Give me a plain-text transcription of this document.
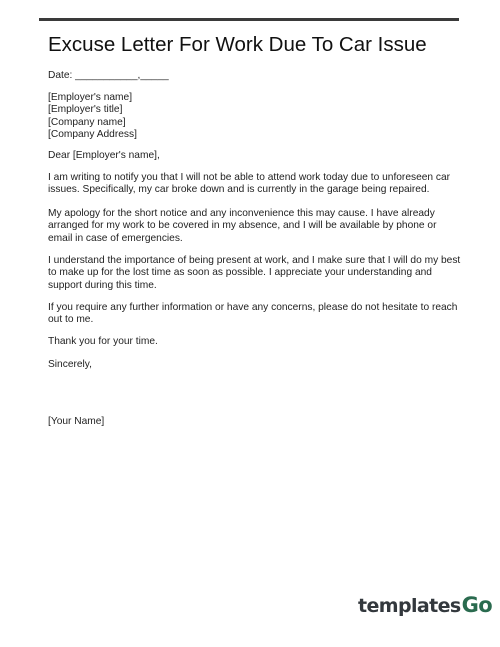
Excuse Letter For Work Due To Car Issue

Date: ___________,_____

[Employer's name]
[Employer's title]
[Company name]
[Company Address]

Dear [Employer's name],

I am writing to notify you that I will not be able to attend work today due to unforeseen car issues. Specifically, my car broke down and is currently in the garage being repaired.

My apology for the short notice and any inconvenience this may cause. I have already arranged for my work to be covered in my absence, and I will be available by phone or email in case of emergencies.

I understand the importance of being present at work, and I make sure that I will do my best to make up for the lost time as soon as possible. I appreciate your understanding and support during this time.

If you require any further information or have any concerns, please do not hesitate to reach out to me.

Thank you for your time.

Sincerely,

[Your Name]

templates Go
